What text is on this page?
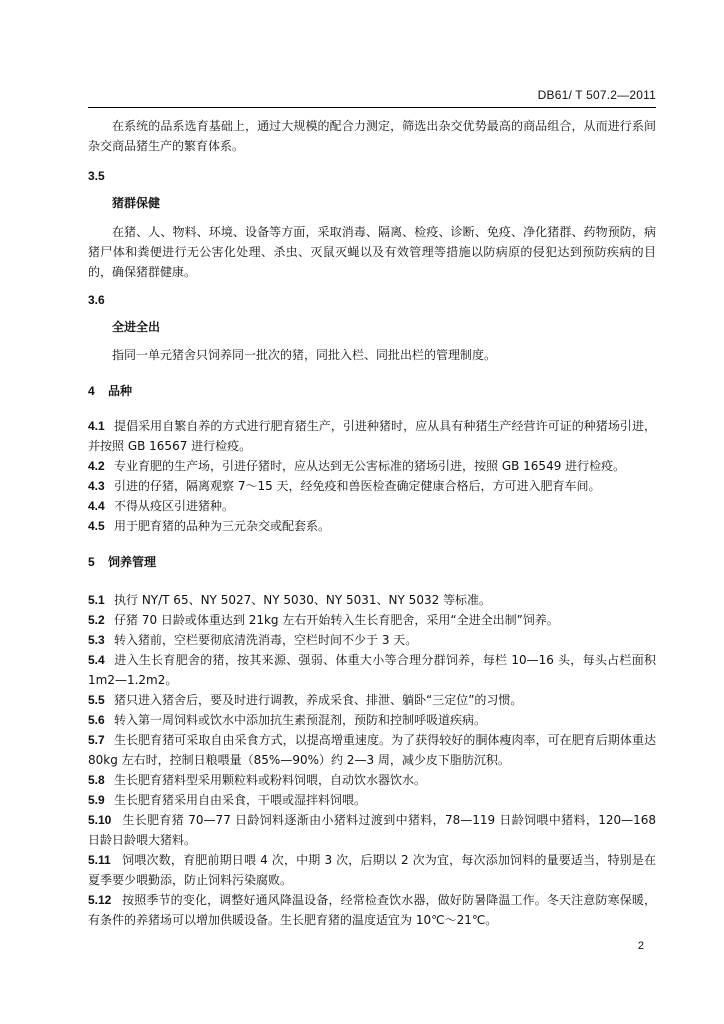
DB61/ T 507.2—2011

在系统的品系选育基础上，通过大规模的配合力测定，筛选出杂交优势最高的商品组合，从而进行系间杂交商品猪生产的繁育体系。

3.5

猪群保健

在猪、人、物料、环境、设备等方面，采取消毒、隔离、检疫、诊断、免疫、净化猪群、药物预防，病猪尸体和粪便进行无公害化处理、杀虫、灭鼠灭蝇以及有效管理等措施以防病原的侵犯达到预防疾病的目的，确保猪群健康。

3.6

全进全出

指同一单元猪舍只饲养同一批次的猪，同批入栏、同批出栏的管理制度。

4 品种

4.1 提倡采用自繁自养的方式进行肥育猪生产，引进种猪时，应从具有种猪生产经营许可证的种猪场引进，并按照 GB 16567 进行检疫。

4.2 专业育肥的生产场，引进仔猪时，应从达到无公害标准的猪场引进，按照 GB 16549 进行检疫。

4.3 引进的仔猪，隔离观察 7～15 天，经免疫和兽医检查确定健康合格后，方可进入肥育车间。

4.4 不得从疫区引进猪种。

4.5 用于肥育猪的品种为三元杂交或配套系。

5 饲养管理

5.1 执行 NY/T 65、NY 5027、NY 5030、NY 5031、NY 5032 等标准。

5.2 仔猪 70 日龄或体重达到 21kg 左右开始转入生长育肥舍，采用“全进全出制”饲养。

5.3 转入猪前，空栏要彻底清洗消毒，空栏时间不少于 3 天。

5.4 进入生长育肥舍的猪，按其来源、强弱、体重大小等合理分群饲养，每栏 10—16 头，每头占栏面积 1m2—1.2m2。

5.5 猪只进入猪舍后，要及时进行调教，养成采食、排泄、躺卧“三定位”的习惯。

5.6 转入第一周饲料或饮水中添加抗生素预混剂，预防和控制呼吸道疾病。

5.7 生长肥育猪可采取自由采食方式，以提高增重速度。为了获得较好的胴体瘦肉率，可在肥育后期体重达 80kg 左右时，控制日粮喂量（85%—90%）约 2—3 周，减少皮下脂肪沉积。

5.8 生长肥育猪料型采用颗粒料或粉料饲喂，自动饮水器饮水。

5.9 生长肥育猪采用自由采食，干喂或湿拌料饲喂。

5.10 生长肥育猪 70—77 日龄饲料逐渐由小猪料过渡到中猪料，78—119 日龄饲喂中猪料，120—168 日龄日龄喂大猪料。

5.11 饲喂次数，育肥前期日喂 4 次，中期 3 次，后期以 2 次为宜，每次添加饲料的量要适当，特别是在夏季要少喂勤添，防止饲料污染腐败。

5.12 按照季节的变化，调整好通风降温设备，经常检查饮水器，做好防暑降温工作。冬天注意防寒保暖，有条件的养猪场可以增加供暖设备。生长肥育猪的温度适宜为 10℃～21℃。

2
